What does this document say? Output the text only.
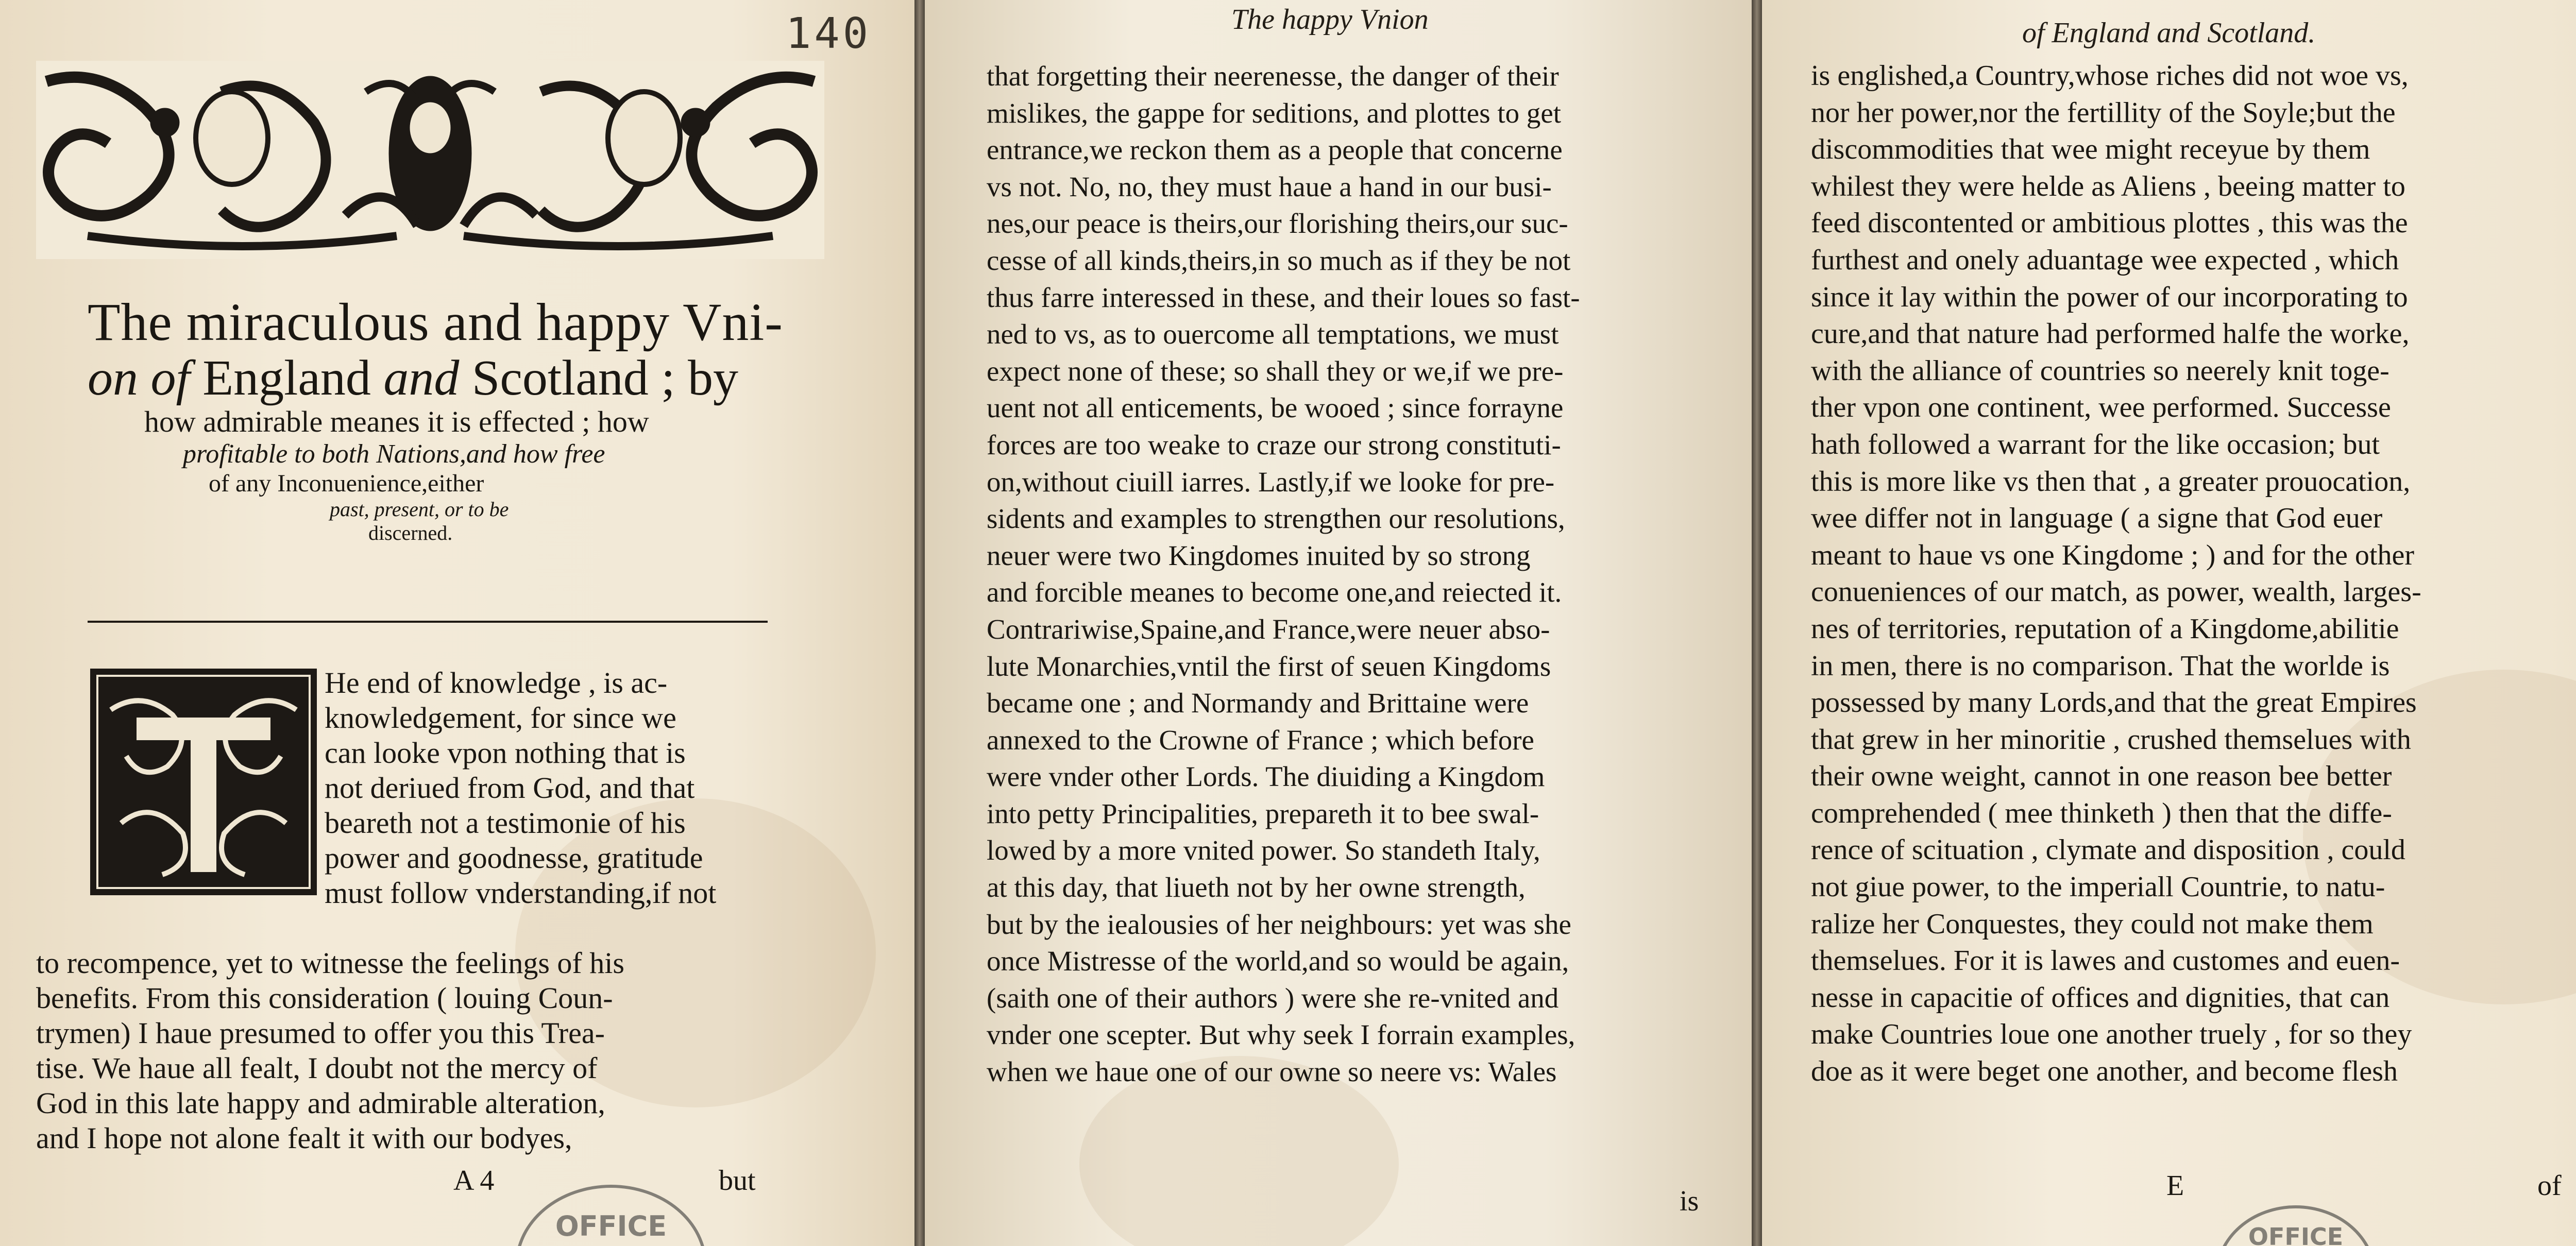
140
The miraculous and happy Vni-
on of England and Scotland ; by
how admirable meanes it is effected ; how
profitable to both Nations,and how free
of any Inconuenience,either
past, present, or to be
discerned.
He end of knowledge , is ac-
knowledgement, for since we
can looke vpon nothing that is
not deriued from God, and that
beareth not a testimonie of his
power and goodnesse, gratitude
must follow vnderstanding,if not
to recompence, yet to witnesse the feelings of his
benefits. From this consideration ( louing Coun-
trymen) I haue presumed to offer you this Trea-
tise. We haue all fealt, I doubt not the mercy of
God in this late happy and admirable alteration,
and I hope not alone fealt it with our bodyes,
A 4	but
OFFICE
The happy Vnion
that forgetting their neerenesse, the danger of their
mislikes, the gappe for seditions, and plottes to get
entrance,we reckon them as a people that concerne
vs not. No, no, they must haue a hand in our busi-
nes,our peace is theirs,our florishing theirs,our suc-
cesse of all kinds,theirs,in so much as if they be not
thus farre interessed in these, and their loues so fast-
ned to vs, as to ouercome all temptations, we must
expect none of these; so shall they or we,if we pre-
uent not all enticements, be wooed ; since forrayne
forces are too weake to craze our strong constituti-
on,without ciuill iarres. Lastly,if we looke for pre-
sidents and examples to strengthen our resolutions,
neuer were two Kingdomes inuited by so strong
and forcible meanes to become one,and reiected it.
Contrariwise,Spaine,and France,were neuer abso-
lute Monarchies,vntil the first of seuen Kingdoms
became one ; and Normandy and Brittaine were
annexed to the Crowne of France ; which before
were vnder other Lords. The diuiding a Kingdom
into petty Principalities, prepareth it to bee swal-
lowed by a more vnited power. So standeth Italy,
at this day, that liueth not by her owne strength,
but by the iealousies of her neighbours: yet was she
once Mistresse of the world,and so would be again,
(saith one of their authors ) were she re-vnited and
vnder one scepter. But why seek I forrain examples,
when we haue one of our owne so neere vs: Wales
is
of England and Scotland.
is englished,a Country,whose riches did not woe vs,
nor her power,nor the fertillity of the Soyle;but the
discommodities that wee might receyue by them
whilest they were helde as Aliens , beeing matter to
feed discontented or ambitious plottes , this was the
furthest and onely aduantage wee expected , which
since it lay within the power of our incorporating to
cure,and that nature had performed halfe the worke,
with the alliance of countries so neerely knit toge-
ther vpon one continent, wee performed. Successe
hath followed a warrant for the like occasion; but
this is more like vs then that , a greater prouocation,
wee differ not in language ( a signe that God euer
meant to haue vs one Kingdome ; ) and for the other
conueniences of our match, as power, wealth, larges-
nes of territories, reputation of a Kingdome,abilitie
in men, there is no comparison. That the worlde is
possessed by many Lords,and that the great Empires
that grew in her minoritie , crushed themselues with
their owne weight, cannot in one reason bee better
comprehended ( mee thinketh ) then that the diffe-
rence of scituation , clymate and disposition , could
not giue power, to the imperiall Countrie, to natu-
ralize her Conquestes, they could not make them
themselues. For it is lawes and customes and euen-
nesse in capacitie of offices and dignities, that can
make Countries loue one another truely , for so they
doe as it were beget one another, and become flesh
E	of
OFFICE
